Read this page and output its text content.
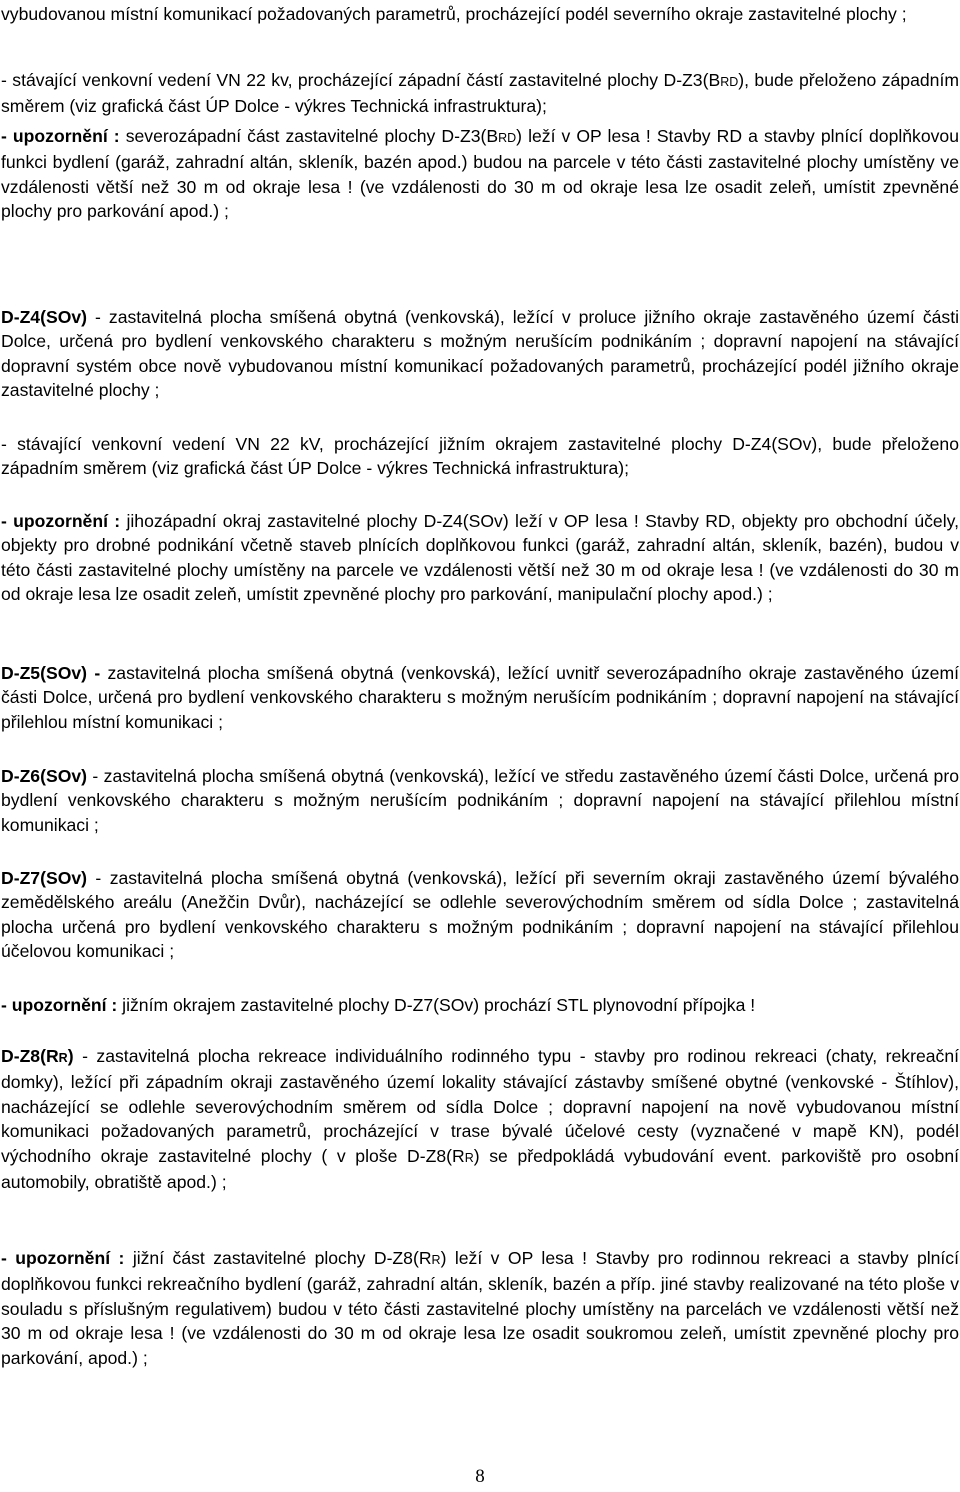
vybudovanou místní komunikací požadovaných parametrů, procházející podél severního okraje zastavitelné plochy ;

- stávající venkovní vedení VN 22 kv, procházející západní částí zastavitelné plochy D-Z3(BRD), bude přeloženo západním směrem (viz grafická část ÚP Dolce - výkres Technická infrastruktura);

- upozornění : severozápadní část zastavitelné plochy D-Z3(BRD) leží v OP lesa ! Stavby RD a stavby plnící doplňkovou funkci bydlení (garáž, zahradní altán, skleník, bazén apod.) budou na parcele v této části zastavitelné plochy umístěny ve vzdálenosti větší než 30 m od okraje lesa ! (ve vzdálenosti do 30 m od okraje lesa lze osadit zeleň, umístit zpevněné plochy pro parkování apod.) ;

D-Z4(SOv) - zastavitelná plocha smíšená obytná (venkovská), ležící v proluce jižního okraje zastavěného území části Dolce, určená pro bydlení venkovského charakteru s možným nerušícím podnikáním ; dopravní napojení na stávající dopravní systém obce nově vybudovanou místní komunikací požadovaných parametrů, procházející podél jižního okraje zastavitelné plochy ;

- stávající venkovní vedení VN 22 kV, procházející jižním okrajem zastavitelné plochy D-Z4(SOv), bude přeloženo západním směrem (viz grafická část ÚP Dolce - výkres Technická infrastruktura);

- upozornění : jihozápadní okraj zastavitelné plochy D-Z4(SOv) leží v OP lesa ! Stavby RD, objekty pro obchodní účely, objekty pro drobné podnikání včetně staveb plnících doplňkovou funkci (garáž, zahradní altán, skleník, bazén), budou v této části zastavitelné plochy umístěny na parcele ve vzdálenosti větší než 30 m od okraje lesa ! (ve vzdálenosti do 30 m od okraje lesa lze osadit zeleň, umístit zpevněné plochy pro parkování, manipulační plochy apod.) ;

D-Z5(SOv) - zastavitelná plocha smíšená obytná (venkovská), ležící uvnitř severozápadního okraje zastavěného území části Dolce, určená pro bydlení venkovského charakteru s možným nerušícím podnikáním ; dopravní napojení na stávající přilehlou místní komunikaci ;

D-Z6(SOv) - zastavitelná plocha smíšená obytná (venkovská), ležící ve středu zastavěného území části Dolce, určená pro bydlení venkovského charakteru s možným nerušícím podnikáním ; dopravní napojení na stávající přilehlou místní komunikaci ;

D-Z7(SOv) - zastavitelná plocha smíšená obytná (venkovská), ležící při severním okraji zastavěného území bývalého zemědělského areálu (Anežčin Dvůr), nacházející se odlehle severovýchodním směrem od sídla Dolce ; zastavitelná plocha určená pro bydlení venkovského charakteru s možným podnikáním ; dopravní napojení na stávající přilehlou účelovou komunikaci ;

- upozornění : jižním okrajem zastavitelné plochy D-Z7(SOv) prochází STL plynovodní přípojka !

D-Z8(RR) - zastavitelná plocha rekreace individuálního rodinného typu - stavby pro rodinou rekreaci (chaty, rekreační domky), ležící při západním okraji zastavěného území lokality stávající zástavby smíšené obytné (venkovské - Štíhlov), nacházející se odlehle severovýchodním směrem od sídla Dolce ; dopravní napojení na nově vybudovanou místní komunikaci požadovaných parametrů, procházející v trase bývalé účelové cesty (vyznačené v mapě KN), podél východního okraje zastavitelné plochy ( v ploše D-Z8(RR) se předpokládá vybudování event. parkoviště pro osobní automobily, obratiště apod.) ;

- upozornění : jižní část zastavitelné plochy D-Z8(RR) leží v OP lesa ! Stavby pro rodinnou rekreaci a stavby plnící doplňkovou funkci rekreačního bydlení (garáž, zahradní altán, skleník, bazén a příp. jiné stavby realizované na této ploše v souladu s příslušným regulativem) budou v této části zastavitelné plochy umístěny na parcelách ve vzdálenosti větší než 30 m od okraje lesa ! (ve vzdálenosti do 30 m od okraje lesa lze osadit soukromou zeleň, umístit zpevněné plochy pro parkování, apod.) ;

8
